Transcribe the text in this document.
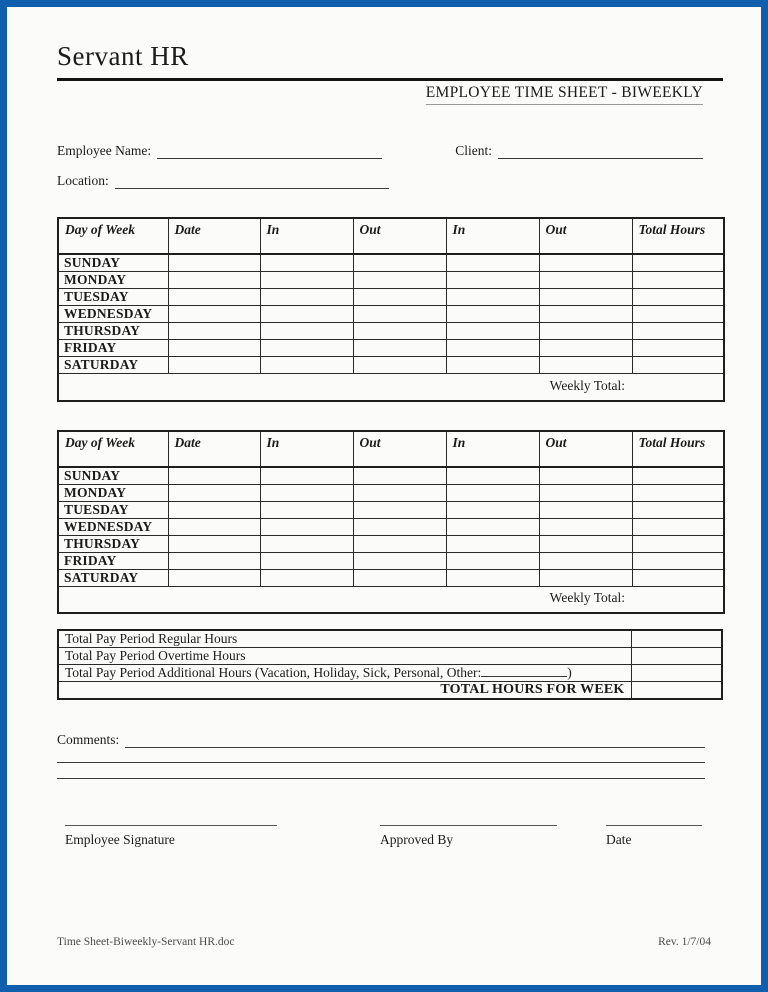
Servant HR
EMPLOYEE TIME SHEET - BIWEEKLY
Employee Name:	Client:
Location:
Day of Week	Date	In	Out	In	Out	Total Hours
SUNDAY						
MONDAY						
TUESDAY						
WEDNESDAY						
THURSDAY						
FRIDAY						
SATURDAY						
Weekly Total:						
Day of Week	Date	In	Out	In	Out	Total Hours
SUNDAY						
MONDAY						
TUESDAY						
WEDNESDAY						
THURSDAY						
FRIDAY						
SATURDAY						
Weekly Total:						
Total Pay Period Regular Hours	
Total Pay Period Overtime Hours	
Total Pay Period Additional Hours (Vacation, Holiday, Sick, Personal, Other: )	
TOTAL HOURS FOR WEEK	
Comments:
Employee Signature	Approved By	Date
Time Sheet-Biweekly-Servant HR.doc	Rev. 1/7/04
